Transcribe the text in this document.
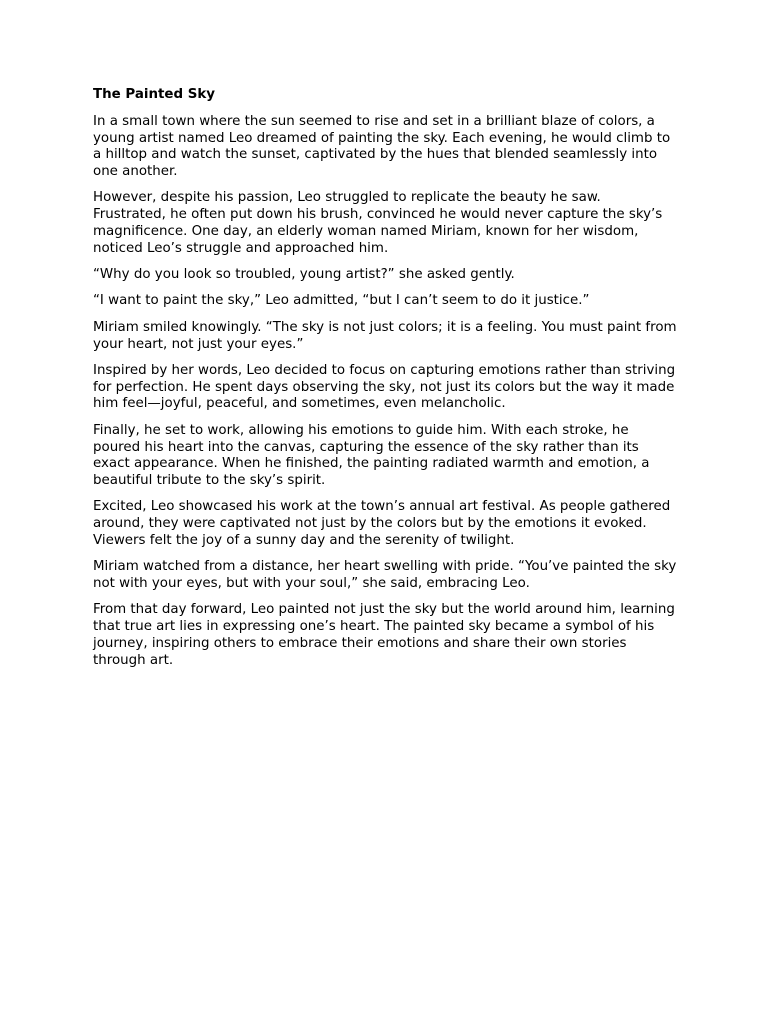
The Painted Sky

In a small town where the sun seemed to rise and set in a brilliant blaze of colors, a young artist named Leo dreamed of painting the sky. Each evening, he would climb to a hilltop and watch the sunset, captivated by the hues that blended seamlessly into one another.

However, despite his passion, Leo struggled to replicate the beauty he saw. Frustrated, he often put down his brush, convinced he would never capture the sky’s magnificence. One day, an elderly woman named Miriam, known for her wisdom, noticed Leo’s struggle and approached him.

“Why do you look so troubled, young artist?” she asked gently.

“I want to paint the sky,” Leo admitted, “but I can’t seem to do it justice.”

Miriam smiled knowingly. “The sky is not just colors; it is a feeling. You must paint from your heart, not just your eyes.”

Inspired by her words, Leo decided to focus on capturing emotions rather than striving for perfection. He spent days observing the sky, not just its colors but the way it made him feel—joyful, peaceful, and sometimes, even melancholic.

Finally, he set to work, allowing his emotions to guide him. With each stroke, he poured his heart into the canvas, capturing the essence of the sky rather than its exact appearance. When he finished, the painting radiated warmth and emotion, a beautiful tribute to the sky’s spirit.

Excited, Leo showcased his work at the town’s annual art festival. As people gathered around, they were captivated not just by the colors but by the emotions it evoked. Viewers felt the joy of a sunny day and the serenity of twilight.

Miriam watched from a distance, her heart swelling with pride. “You’ve painted the sky not with your eyes, but with your soul,” she said, embracing Leo.

From that day forward, Leo painted not just the sky but the world around him, learning that true art lies in expressing one’s heart. The painted sky became a symbol of his journey, inspiring others to embrace their emotions and share their own stories through art.
